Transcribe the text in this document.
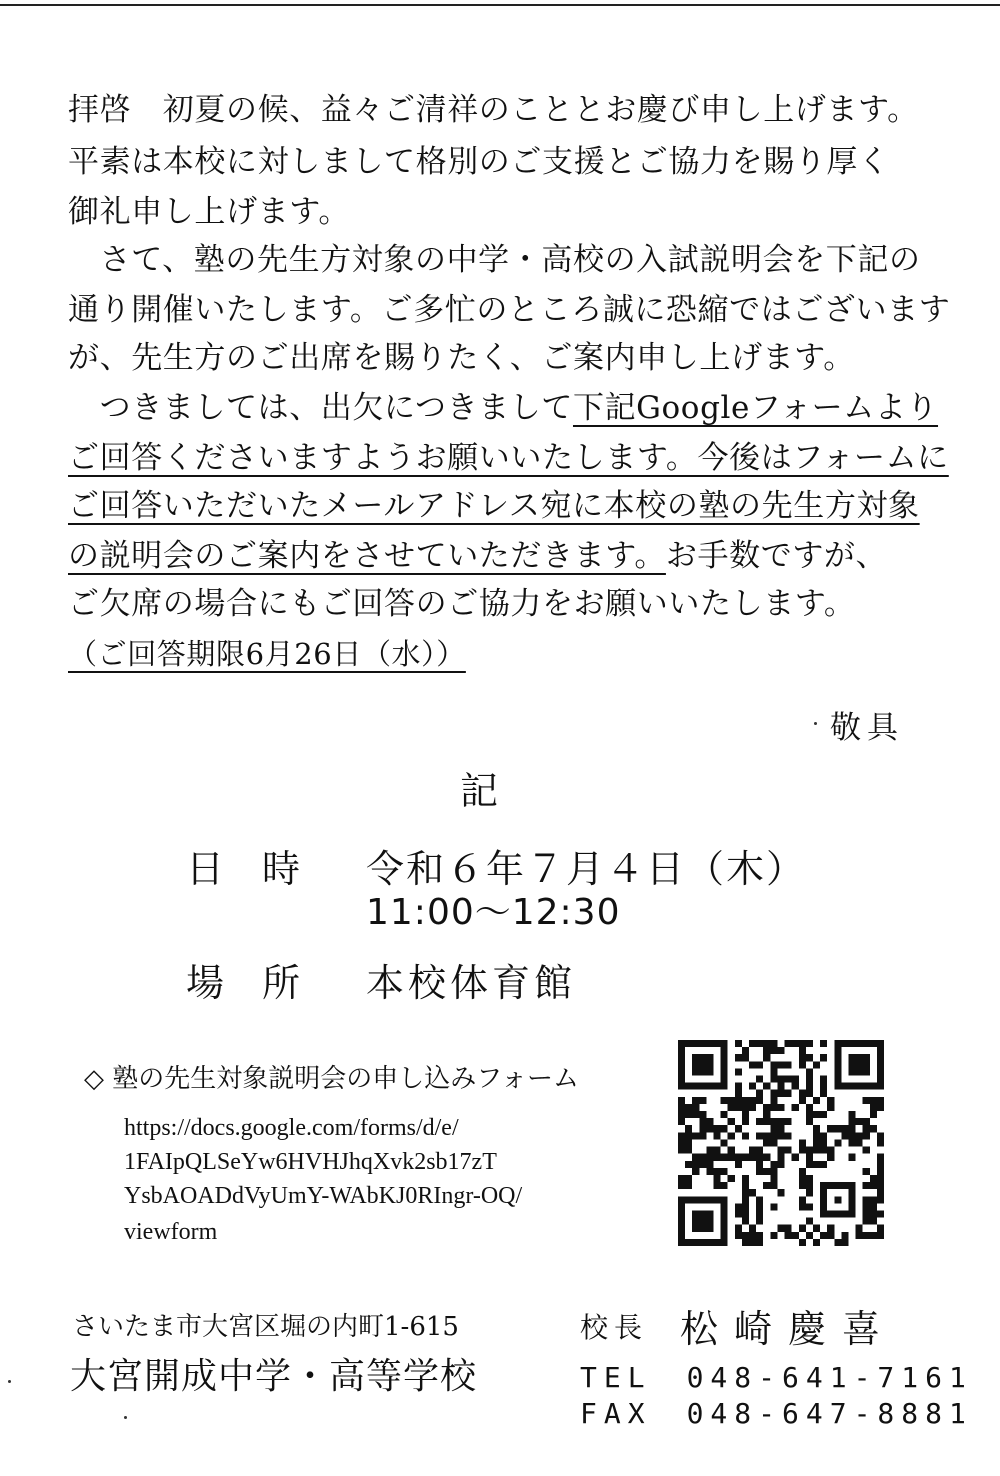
拝啓　初夏の候、益々ご清祥のこととお慶び申し上げます。
平素は本校に対しまして格別のご支援とご協力を賜り厚く
御礼申し上げます。
　さて、塾の先生方対象の中学・高校の入試説明会を下記の
通り開催いたします。ご多忙のところ誠に恐縮ではございます
が、先生方のご出席を賜りたく、ご案内申し上げます。
　つきましては、出欠につきまして下記Googleフォームより
ご回答くださいますようお願いいたします。今後はフォームに
ご回答いただいたメールアドレス宛に本校の塾の先生方対象
の説明会のご案内をさせていただきます。お手数ですが、
ご欠席の場合にもご回答のご協力をお願いいたします。
（ご回答期限6月26日（水））
敬具
記
日時 令和６年７月４日（木）
11:00〜12:30
場所 本校体育館
◇ 塾の先生対象説明会の申し込みフォーム
https://docs.google.com/forms/d/e/
1FAIpQLSeYw6HVHJhqXvk2sb17zT
YsbAOADdVyUmY-WAbKJ0RIngr-OQ/
viewform
さいたま市大宮区堀の内町1-615
大宮開成中学・高等学校
校長 松崎慶喜
TEL　048-641-7161
FAX　048-647-8881
